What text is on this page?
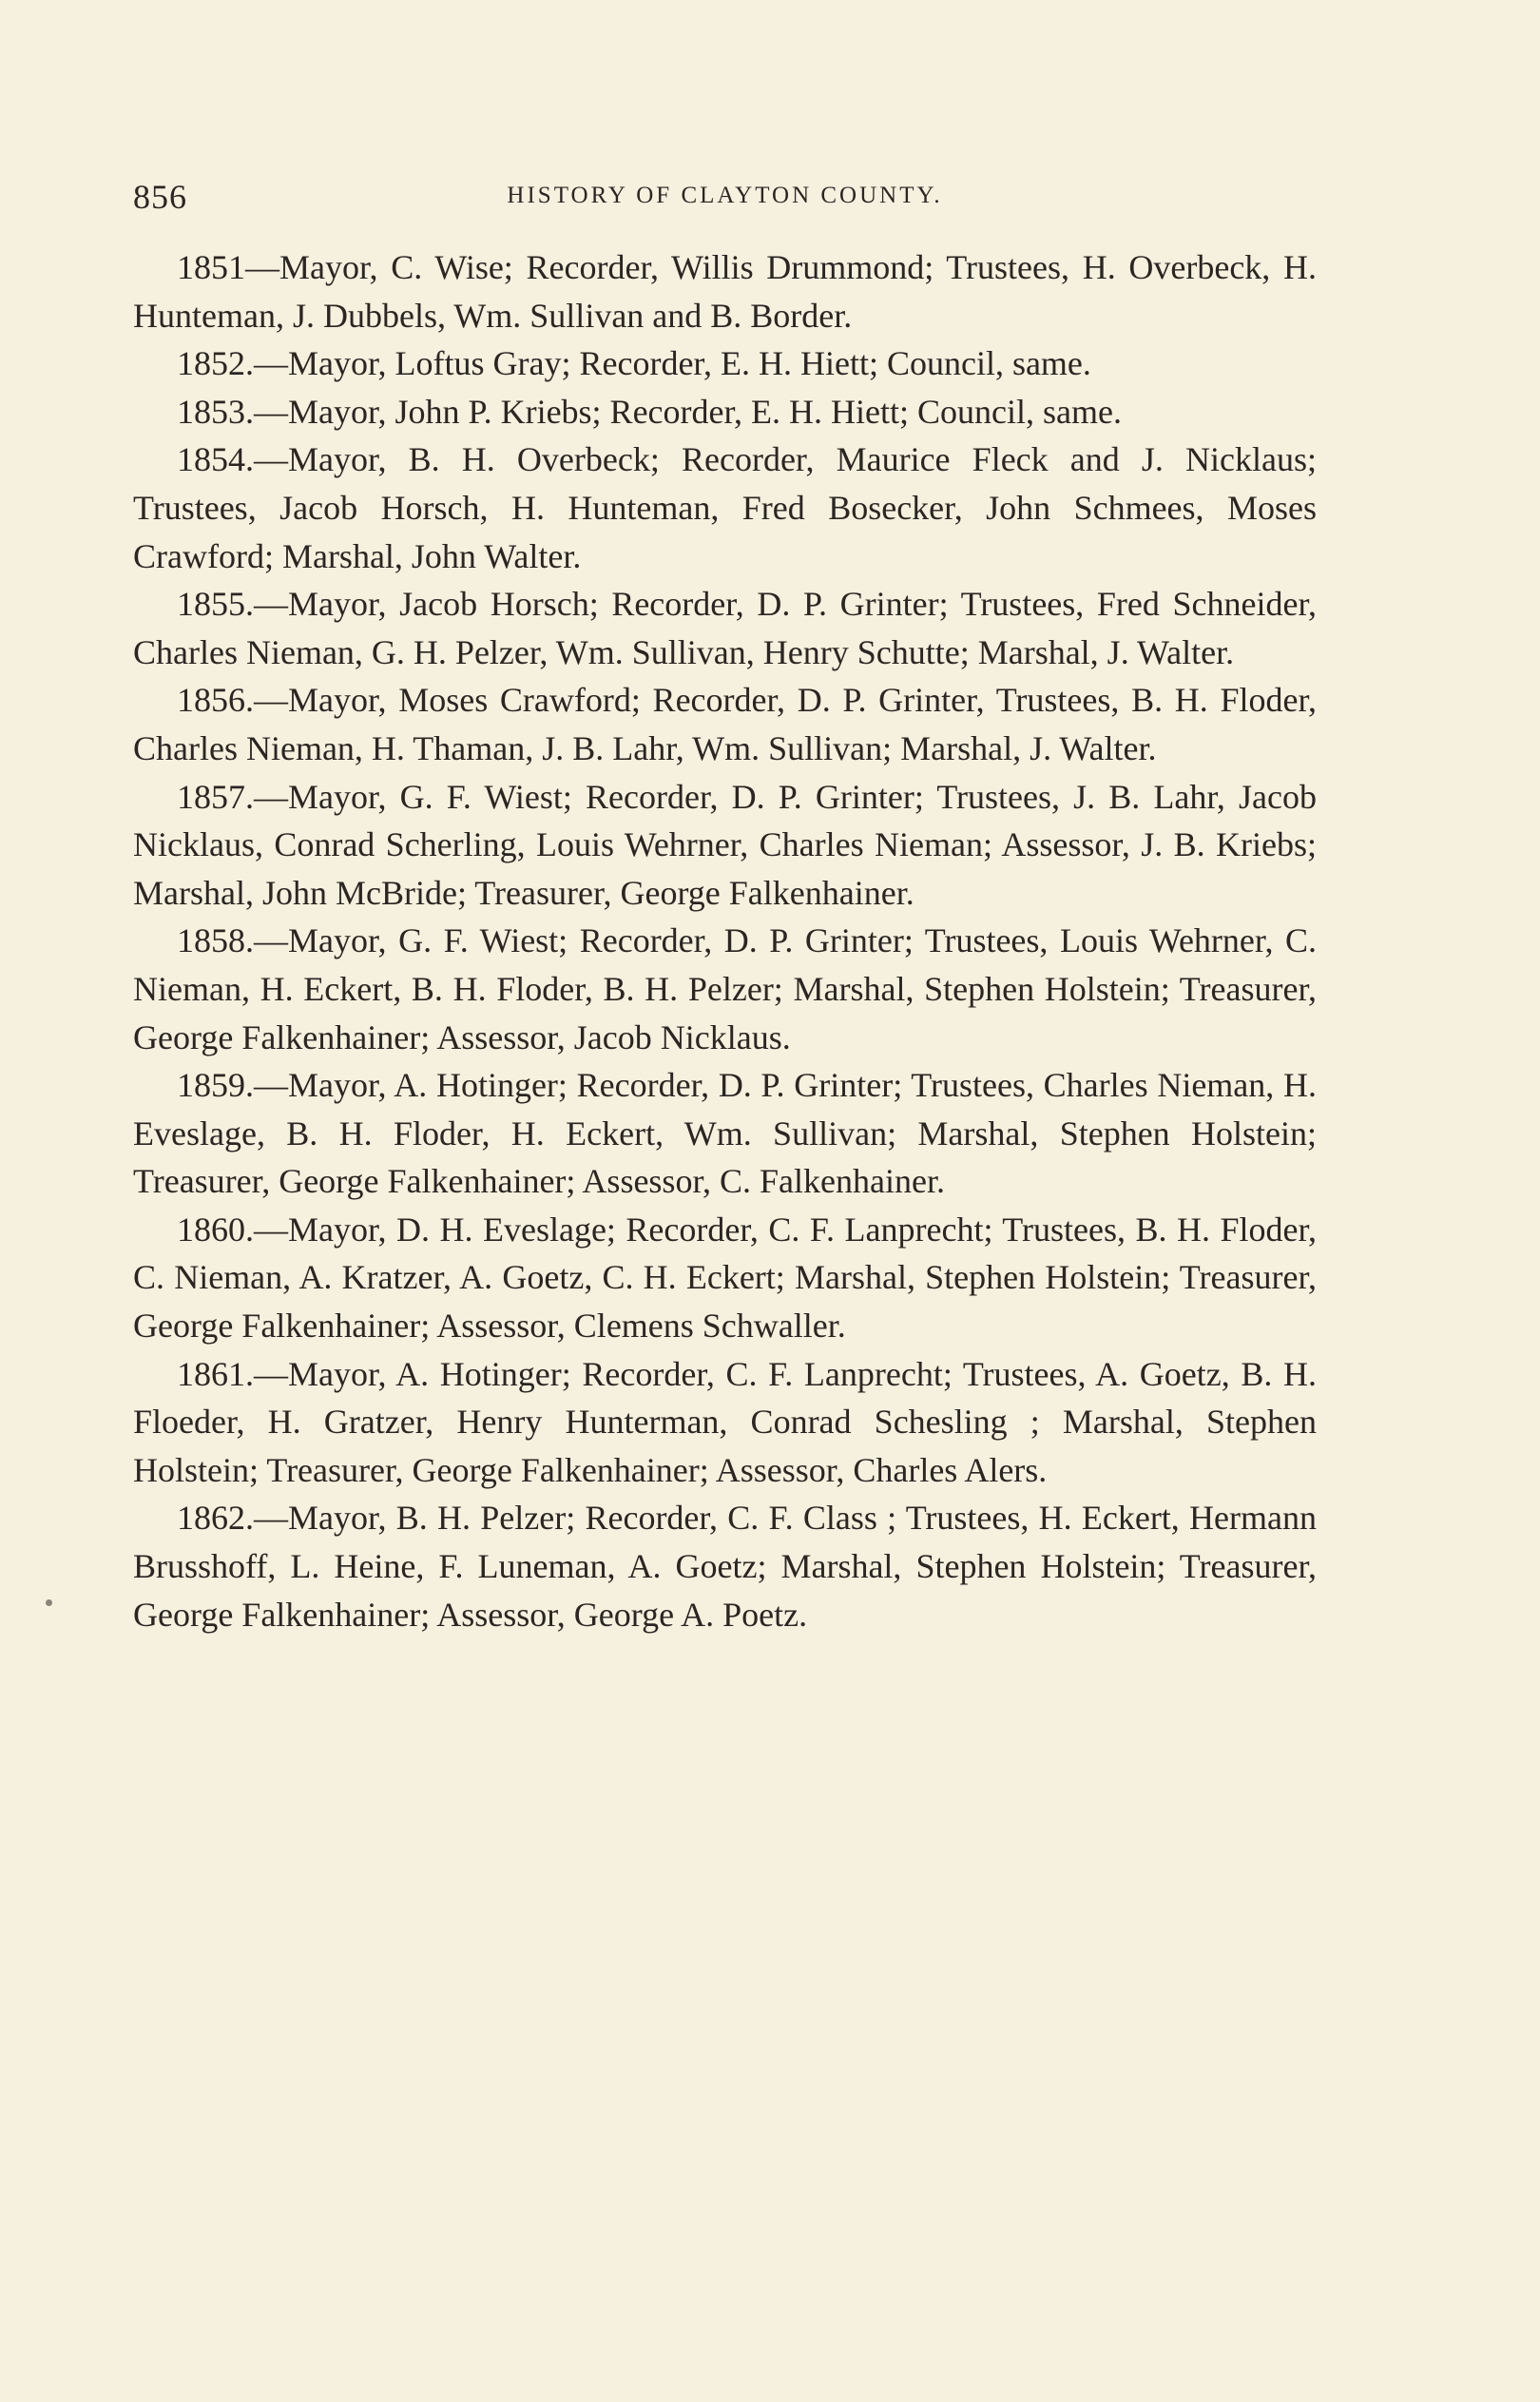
856	HISTORY OF CLAYTON COUNTY.

1851—Mayor, C. Wise; Recorder, Willis Drummond; Trustees, H. Overbeck, H. Hunteman, J. Dubbels, Wm. Sullivan and B. Border.

1852.—Mayor, Loftus Gray; Recorder, E. H. Hiett; Council, same.

1853.—Mayor, John P. Kriebs; Recorder, E. H. Hiett; Council, same.

1854.—Mayor, B. H. Overbeck; Recorder, Maurice Fleck and J. Nicklaus; Trustees, Jacob Horsch, H. Hunteman, Fred Bosecker, John Schmees, Moses Crawford; Marshal, John Walter.

1855.—Mayor, Jacob Horsch; Recorder, D. P. Grinter; Trustees, Fred Schneider, Charles Nieman, G. H. Pelzer, Wm. Sullivan, Henry Schutte; Marshal, J. Walter.

1856.—Mayor, Moses Crawford; Recorder, D. P. Grinter, Trustees, B. H. Floder, Charles Nieman, H. Thaman, J. B. Lahr, Wm. Sullivan; Marshal, J. Walter.

1857.—Mayor, G. F. Wiest; Recorder, D. P. Grinter; Trustees, J. B. Lahr, Jacob Nicklaus, Conrad Scherling, Louis Wehrner, Charles Nieman; Assessor, J. B. Kriebs; Marshal, John McBride; Treasurer, George Falkenhainer.

1858.—Mayor, G. F. Wiest; Recorder, D. P. Grinter; Trustees, Louis Wehrner, C. Nieman, H. Eckert, B. H. Floder, B. H. Pelzer; Marshal, Stephen Holstein; Treasurer, George Falkenhainer; Assessor, Jacob Nicklaus.

1859.—Mayor, A. Hotinger; Recorder, D. P. Grinter; Trustees, Charles Nieman, H. Eveslage, B. H. Floder, H. Eckert, Wm. Sullivan; Marshal, Stephen Holstein; Treasurer, George Falkenhainer; Assessor, C. Falkenhainer.

1860.—Mayor, D. H. Eveslage; Recorder, C. F. Lanprecht; Trustees, B. H. Floder, C. Nieman, A. Kratzer, A. Goetz, C. H. Eckert; Marshal, Stephen Holstein; Treasurer, George Falkenhainer; Assessor, Clemens Schwaller.

1861.—Mayor, A. Hotinger; Recorder, C. F. Lanprecht; Trustees, A. Goetz, B. H. Floeder, H. Gratzer, Henry Hunterman, Conrad Schesling ; Marshal, Stephen Holstein; Treasurer, George Falkenhainer; Assessor, Charles Alers.

1862.—Mayor, B. H. Pelzer; Recorder, C. F. Class ; Trustees, H. Eckert, Hermann Brusshoff, L. Heine, F. Luneman, A. Goetz; Marshal, Stephen Holstein; Treasurer, George Falkenhainer; Assessor, George A. Poetz.
